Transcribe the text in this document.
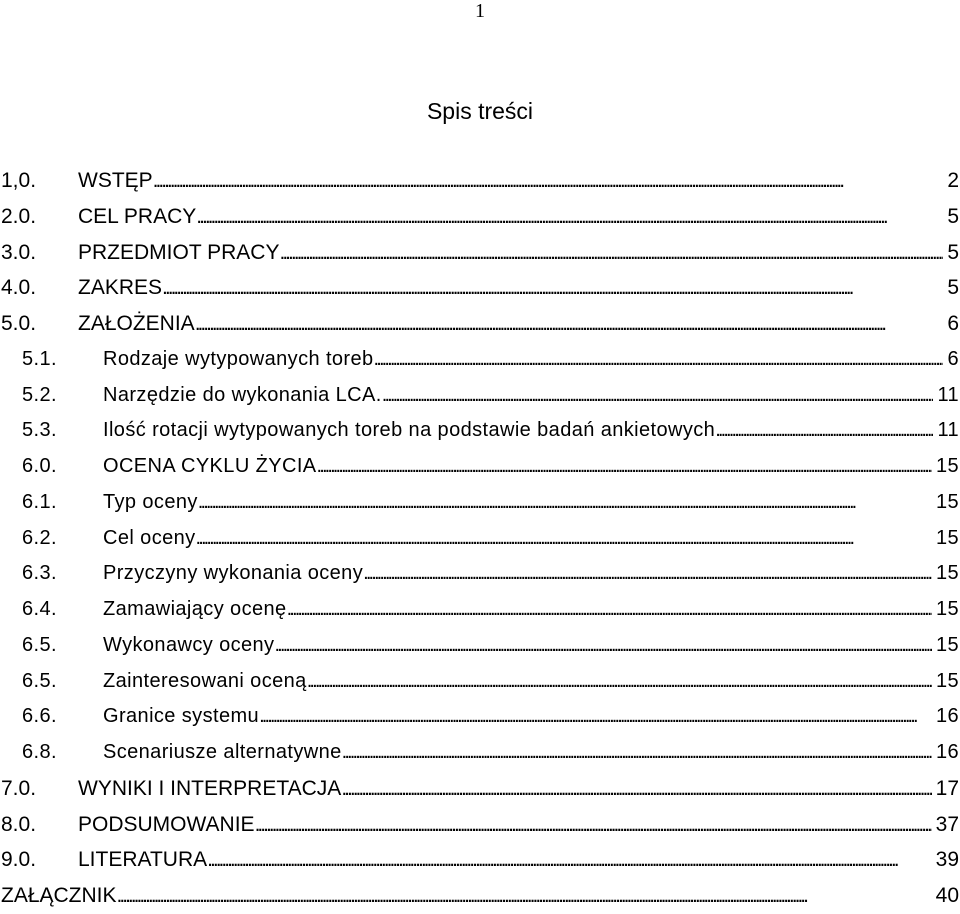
1
Spis treści
1,0. WSTĘP . . .	2
2.0. CEL PRACY . . .	5
3.0. PRZEDMIOT PRACY . . .	5
4.0. ZAKRES . . .	5
5.0. ZAŁOŻENIA . . .	6
5.1. Rodzaje wytypowanych toreb . . .	6
5.2. Narzędzie do wykonania LCA. . . .	11
5.3. Ilość rotacji wytypowanych toreb na podstawie badań ankietowych . . .	11
6.0. OCENA CYKLU ŻYCIA . . .	15
6.1. Typ oceny . . .	15
6.2. Cel oceny . . .	15
6.3. Przyczyny wykonania oceny . . .	15
6.4. Zamawiający ocenę . . .	15
6.5. Wykonawcy oceny . . .	15
6.5. Zainteresowani oceną . . .	15
6.6. Granice systemu . . .	16
6.8. Scenariusze alternatywne . . .	16
7.0. WYNIKI I INTERPRETACJA . . .	17
8.0. PODSUMOWANIE . . .	37
9.0. LITERATURA . . .	39
ZAŁĄCZNIK . . .	40
